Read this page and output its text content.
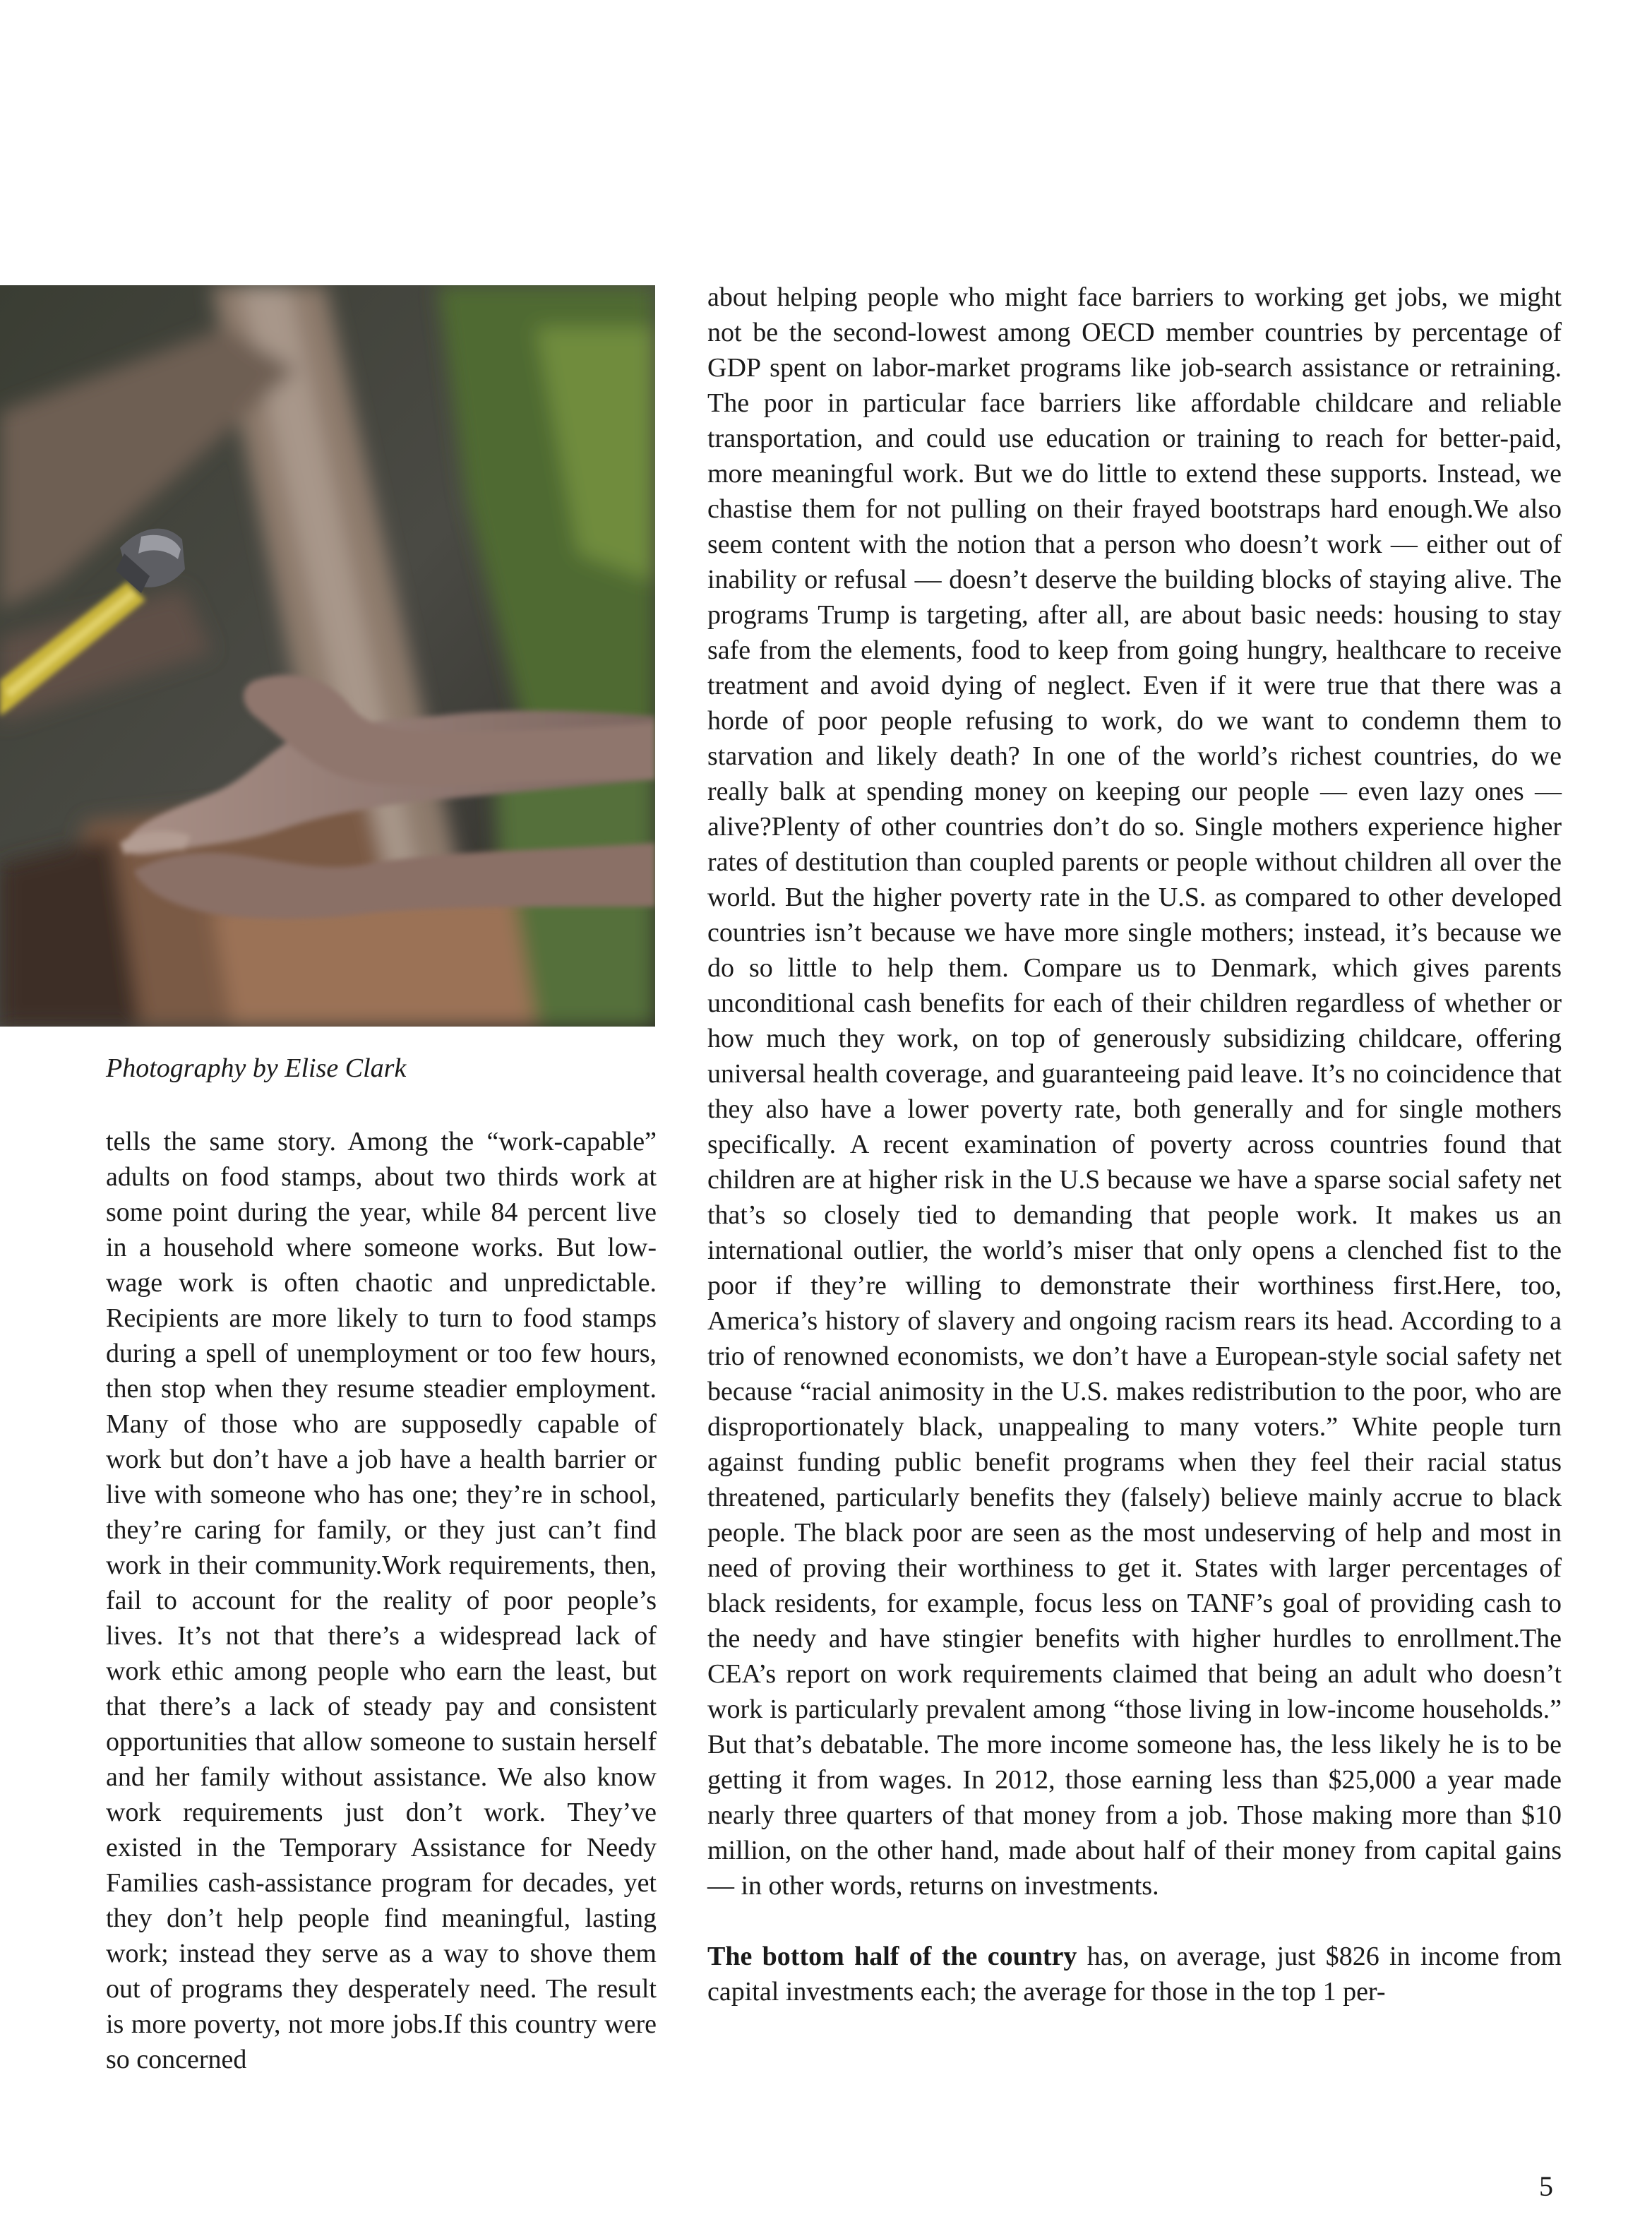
Photography by Elise Clark

tells the same story. Among the “work-capable” adults on food stamps, about two thirds work at some point during the year, while 84 percent live in a household where someone works. But low-wage work is often chaotic and unpredictable. Recipients are more likely to turn to food stamps during a spell of unemployment or too few hours, then stop when they resume steadier employment. Many of those who are supposedly capable of work but don’t have a job have a health barrier or live with someone who has one; they’re in school, they’re caring for family, or they just can’t find work in their community.Work requirements, then, fail to account for the reality of poor people’s lives. It’s not that there’s a widespread lack of work ethic among people who earn the least, but that there’s a lack of steady pay and consistent opportunities that allow someone to sustain herself and her family without assistance. We also know work requirements just don’t work. They’ve existed in the Temporary Assistance for Needy Families cash-assistance program for decades, yet they don’t help people find meaningful, lasting work; instead they serve as a way to shove them out of programs they desperately need. The result is more poverty, not more jobs.If this country were so concerned

about helping people who might face barriers to working get jobs, we might not be the second-lowest among OECD member countries by percentage of GDP spent on labor-market programs like job-search assistance or retraining. The poor in particular face barriers like affordable childcare and reliable transportation, and could use education or training to reach for better-paid, more meaningful work. But we do little to extend these supports. Instead, we chastise them for not pulling on their frayed bootstraps hard enough.We also seem content with the notion that a person who doesn’t work — either out of inability or refusal — doesn’t deserve the building blocks of staying alive. The programs Trump is targeting, after all, are about basic needs: housing to stay safe from the elements, food to keep from going hungry, healthcare to receive treatment and avoid dying of neglect. Even if it were true that there was a horde of poor people refusing to work, do we want to condemn them to starvation and likely death? In one of the world’s richest countries, do we really balk at spending money on keeping our people — even lazy ones — alive?Plenty of other countries don’t do so. Single mothers experience higher rates of destitution than coupled parents or people without children all over the world. But the higher poverty rate in the U.S. as compared to other developed countries isn’t because we have more single mothers; instead, it’s because we do so little to help them. Compare us to Denmark, which gives parents unconditional cash benefits for each of their children regardless of whether or how much they work, on top of generously subsidizing childcare, offering universal health coverage, and guaranteeing paid leave. It’s no coincidence that they also have a lower poverty rate, both generally and for single mothers specifically. A recent examination of poverty across countries found that children are at higher risk in the U.S because we have a sparse social safety net that’s so closely tied to demanding that people work. It makes us an international outlier, the world’s miser that only opens a clenched fist to the poor if they’re willing to demonstrate their worthiness first.Here, too, America’s history of slavery and ongoing racism rears its head. According to a trio of renowned economists, we don’t have a European-style social safety net because “racial animosity in the U.S. makes redistribution to the poor, who are disproportionately black, unappealing to many voters.” White people turn against funding public benefit programs when they feel their racial status threatened, particularly benefits they (falsely) believe mainly accrue to black people. The black poor are seen as the most undeserving of help and most in need of proving their worthiness to get it. States with larger percentages of black residents, for example, focus less on TANF’s goal of providing cash to the needy and have stingier benefits with higher hurdles to enrollment.The CEA’s report on work requirements claimed that being an adult who doesn’t work is particularly prevalent among “those living in low-income households.” But that’s debatable. The more income someone has, the less likely he is to be getting it from wages. In 2012, those earning less than $25,000 a year made nearly three quarters of that money from a job. Those making more than $10 million, on the other hand, made about half of their money from capital gains — in other words, returns on investments.

The bottom half of the country has, on average, just $826 in income from capital investments each; the average for those in the top 1 per-

5
